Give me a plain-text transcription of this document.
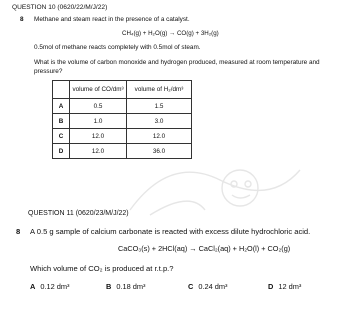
QUESTION 10 (0620/22/M/J/22)
8 Methane and steam react in the presence of a catalyst.
CH₄(g) + H₂O(g) → CO(g) + 3H₂(g)
0.5mol of methane reacts completely with 0.5mol of steam.
What is the volume of carbon monoxide and hydrogen produced, measured at room temperature and pressure?
	volume of CO/dm³	volume of H₂/dm³
A	0.5	1.5
B	1.0	3.0
C	12.0	12.0
D	12.0	36.0
QUESTION 11 (0620/23/M/J/22)
8 A 0.5 g sample of calcium carbonate is reacted with excess dilute hydrochloric acid.
CaCO₃(s) + 2HCl(aq) → CaCl₂(aq) + H₂O(l) + CO₂(g)
Which volume of CO₂ is produced at r.t.p.?
A 0.12 dm³	B 0.18 dm³	C 0.24 dm³	D 12 dm³
